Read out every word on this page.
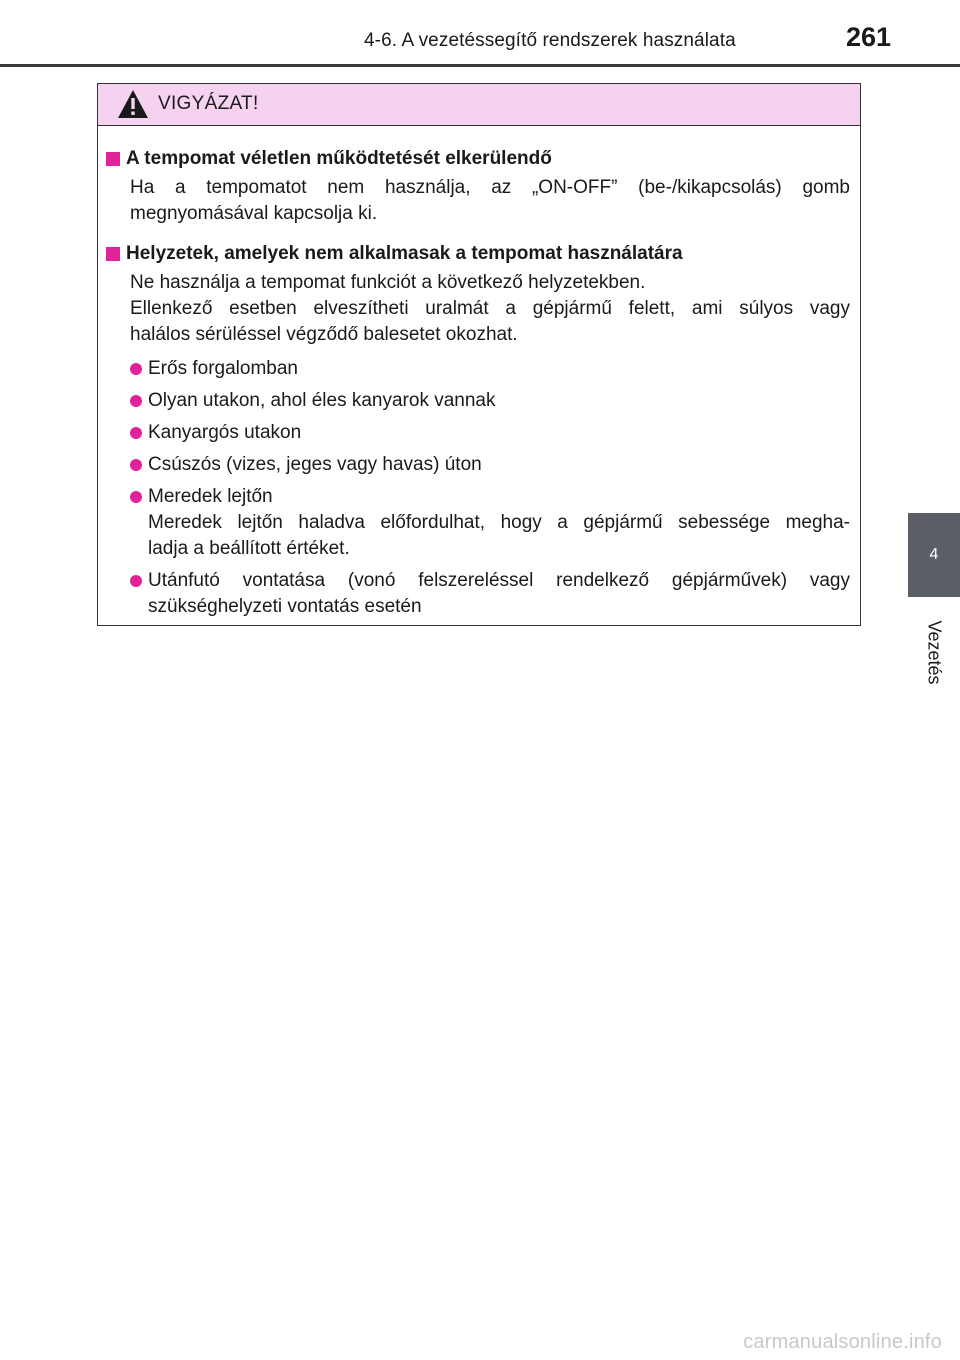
4-6. A vezetéssegítő rendszerek használata	261
4
Vezetés
VIGYÁZAT!
A tempomat véletlen működtetését elkerülendő
Ha a tempomatot nem használja, az „ON-OFF” (be-/kikapcsolás) gomb
megnyomásával kapcsolja ki.
Helyzetek, amelyek nem alkalmasak a tempomat használatára
Ne használja a tempomat funkciót a következő helyzetekben.
Ellenkező esetben elveszítheti uralmát a gépjármű felett, ami súlyos vagy
halálos sérüléssel végződő balesetet okozhat.
Erős forgalomban
Olyan utakon, ahol éles kanyarok vannak
Kanyargós utakon
Csúszós (vizes, jeges vagy havas) úton
Meredek lejtőn
Meredek lejtőn haladva előfordulhat, hogy a gépjármű sebessége megha-
ladja a beállított értéket.
Utánfutó vontatása (vonó felszereléssel rendelkező gépjárművek) vagy
szükséghelyzeti vontatás esetén
carmanualsonline.info
